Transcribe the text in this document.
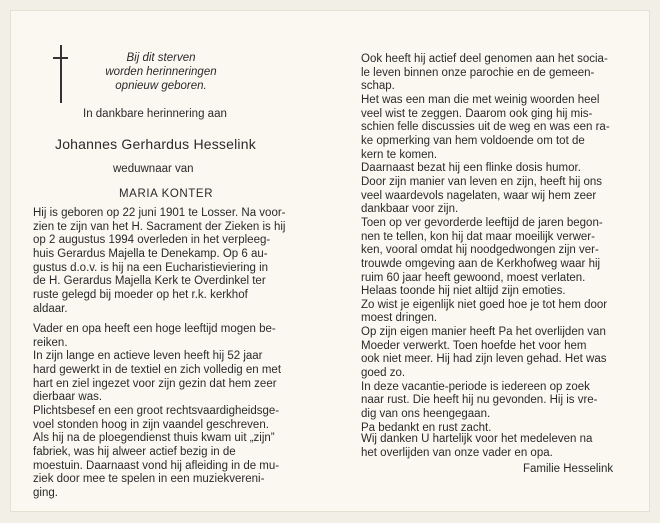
Bij dit sterven
worden herinneringen
opnieuw geboren.
In dankbare herinnering aan
Johannes Gerhardus Hesselink
weduwnaar van
MARIA KONTER
Hij is geboren op 22 juni 1901 te Losser. Na voor-
zien te zijn van het H. Sacrament der Zieken is hij
op 2 augustus 1994 overleden in het verpleeg-
huis Gerardus Majella te Denekamp. Op 6 au-
gustus d.o.v. is hij na een Eucharistieviering in
de H. Gerardus Majella Kerk te Overdinkel ter
ruste gelegd bij moeder op het r.k. kerkhof
aldaar.
Vader en opa heeft een hoge leeftijd mogen be-
reiken.
In zijn lange en actieve leven heeft hij 52 jaar
hard gewerkt in de textiel en zich volledig en met
hart en ziel ingezet voor zijn gezin dat hem zeer
dierbaar was.
Plichtsbesef en een groot rechtsvaardigheidsge-
voel stonden hoog in zijn vaandel geschreven.
Als hij na de ploegendienst thuis kwam uit „zijn”
fabriek, was hij alweer actief bezig in de
moestuin. Daarnaast vond hij afleiding in de mu-
ziek door mee te spelen in een muziekvereni-
ging.
Ook heeft hij actief deel genomen aan het socia-
le leven binnen onze parochie en de gemeen-
schap.
Het was een man die met weinig woorden heel
veel wist te zeggen. Daarom ook ging hij mis-
schien felle discussies uit de weg en was een ra-
ke opmerking van hem voldoende om tot de
kern te komen.
Daarnaast bezat hij een flinke dosis humor.
Door zijn manier van leven en zijn, heeft hij ons
veel waardevols nagelaten, waar wij hem zeer
dankbaar voor zijn.
Toen op ver gevorderde leeftijd de jaren begon-
nen te tellen, kon hij dat maar moeilijk verwer-
ken, vooral omdat hij noodgedwongen zijn ver-
trouwde omgeving aan de Kerkhofweg waar hij
ruim 60 jaar heeft gewoond, moest verlaten.
Helaas toonde hij niet altijd zijn emoties.
Zo wist je eigenlijk niet goed hoe je tot hem door
moest dringen.
Op zijn eigen manier heeft Pa het overlijden van
Moeder verwerkt. Toen hoefde het voor hem
ook niet meer. Hij had zijn leven gehad. Het was
goed zo.
In deze vacantie-periode is iedereen op zoek
naar rust. Die heeft hij nu gevonden. Hij is vre-
dig van ons heengegaan.
Pa bedankt en rust zacht.
Wij danken U hartelijk voor het medeleven na
het overlijden van onze vader en opa.
Familie Hesselink
